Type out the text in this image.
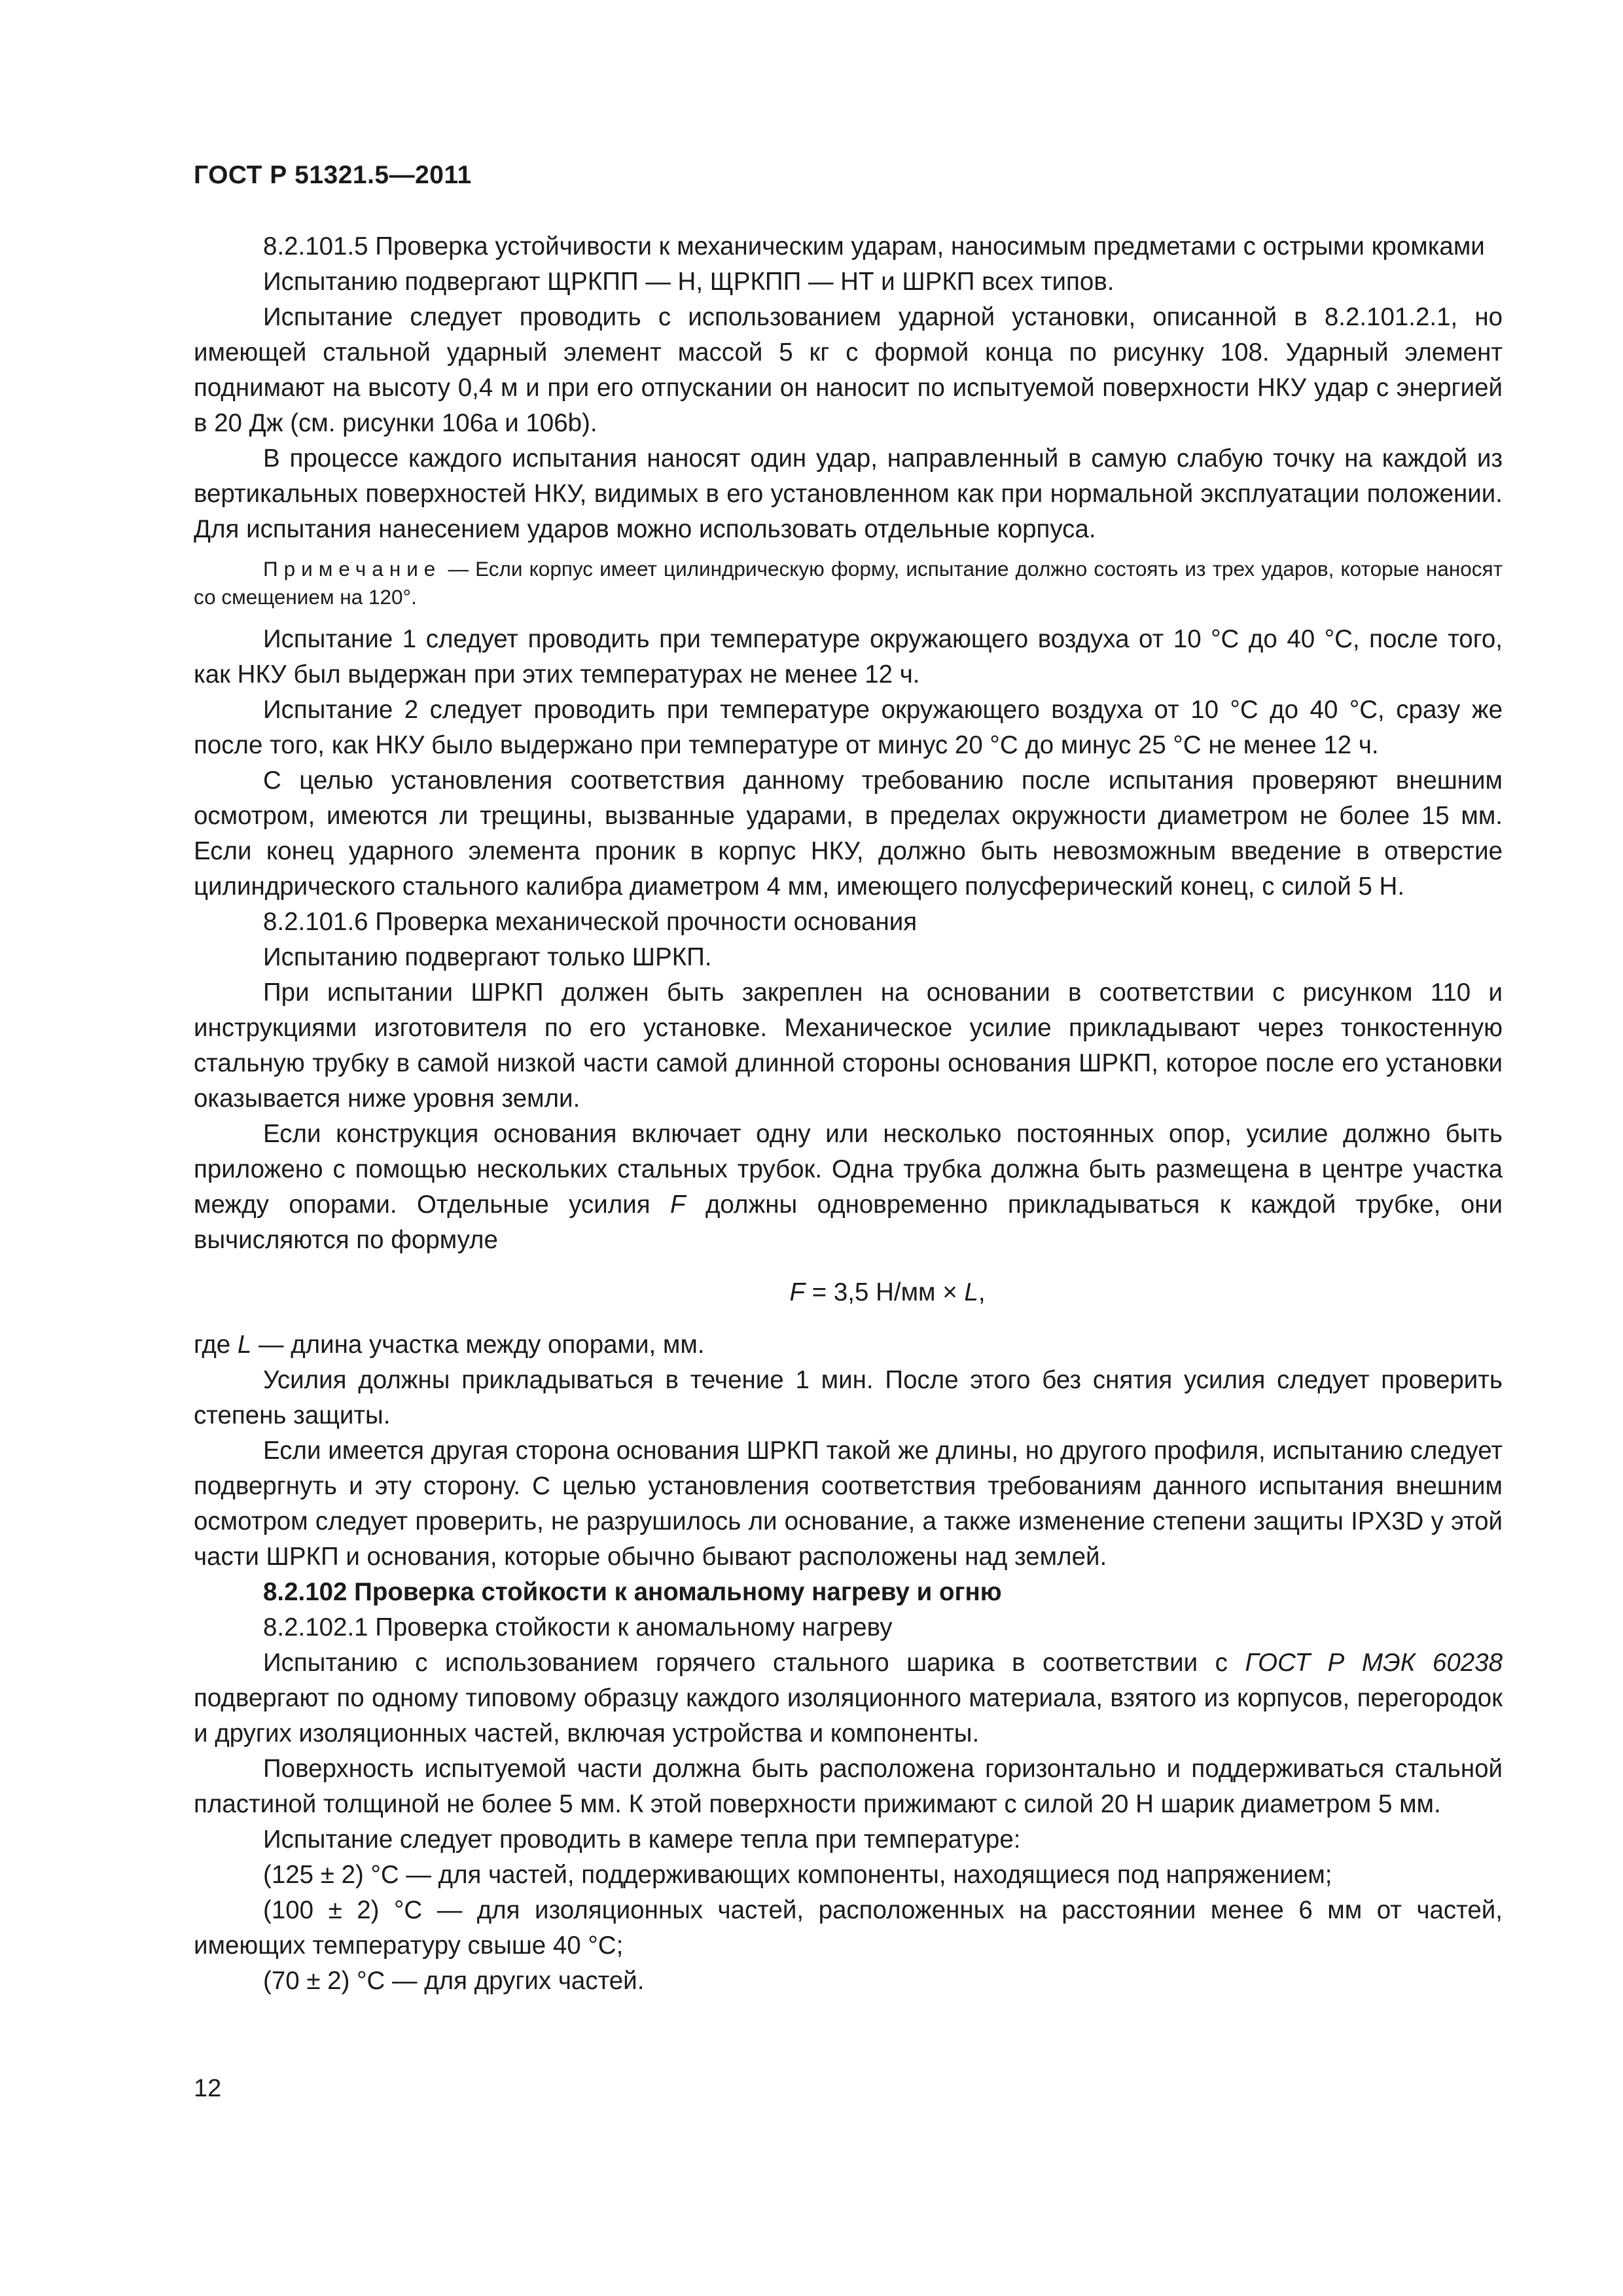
ГОСТ Р 51321.5—2011

8.2.101.5 Проверка устойчивости к механическим ударам, наносимым предметами с острыми кромками

Испытанию подвергают ЩРКПП — Н, ЩРКПП — НТ и ШРКП всех типов.

Испытание следует проводить с использованием ударной установки, описанной в 8.2.101.2.1, но имеющей стальной ударный элемент массой 5 кг с формой конца по рисунку 108. Ударный элемент поднимают на высоту 0,4 м и при его отпускании он наносит по испытуемой поверхности НКУ удар с энергией в 20 Дж (см. рисунки 106а и 106b).

В процессе каждого испытания наносят один удар, направленный в самую слабую точку на каждой из вертикальных поверхностей НКУ, видимых в его установленном как при нормальной эксплуатации положении. Для испытания нанесением ударов можно использовать отдельные корпуса.

Примечание — Если корпус имеет цилиндрическую форму, испытание должно состоять из трех ударов, которые наносят со смещением на 120°.

Испытание 1 следует проводить при температуре окружающего воздуха от 10 °С до 40 °С, после того, как НКУ был выдержан при этих температурах не менее 12 ч.

Испытание 2 следует проводить при температуре окружающего воздуха от 10 °С до 40 °С, сразу же после того, как НКУ было выдержано при температуре от минус 20 °С до минус 25 °С не менее 12 ч.

С целью установления соответствия данному требованию после испытания проверяют внешним осмотром, имеются ли трещины, вызванные ударами, в пределах окружности диаметром не более 15 мм. Если конец ударного элемента проник в корпус НКУ, должно быть невозможным введение в отверстие цилиндрического стального калибра диаметром 4 мм, имеющего полусферический конец, с силой 5 Н.

8.2.101.6 Проверка механической прочности основания

Испытанию подвергают только ШРКП.

При испытании ШРКП должен быть закреплен на основании в соответствии с рисунком 110 и инструкциями изготовителя по его установке. Механическое усилие прикладывают через тонкостенную стальную трубку в самой низкой части самой длинной стороны основания ШРКП, которое после его установки оказывается ниже уровня земли.

Если конструкция основания включает одну или несколько постоянных опор, усилие должно быть приложено с помощью нескольких стальных трубок. Одна трубка должна быть размещена в центре участка между опорами. Отдельные усилия F должны одновременно прикладываться к каждой трубке, они вычисляются по формуле

F = 3,5 Н/мм × L,

где L — длина участка между опорами, мм.

Усилия должны прикладываться в течение 1 мин. После этого без снятия усилия следует проверить степень защиты.

Если имеется другая сторона основания ШРКП такой же длины, но другого профиля, испытанию следует подвергнуть и эту сторону. С целью установления соответствия требованиям данного испытания внешним осмотром следует проверить, не разрушилось ли основание, а также изменение степени защиты IPX3D у этой части ШРКП и основания, которые обычно бывают расположены над землей.

8.2.102 Проверка стойкости к аномальному нагреву и огню

8.2.102.1 Проверка стойкости к аномальному нагреву

Испытанию с использованием горячего стального шарика в соответствии с ГОСТ Р МЭК 60238 подвергают по одному типовому образцу каждого изоляционного материала, взятого из корпусов, перегородок и других изоляционных частей, включая устройства и компоненты.

Поверхность испытуемой части должна быть расположена горизонтально и поддерживаться стальной пластиной толщиной не более 5 мм. К этой поверхности прижимают с силой 20 Н шарик диаметром 5 мм.

Испытание следует проводить в камере тепла при температуре:

(125 ± 2) °С — для частей, поддерживающих компоненты, находящиеся под напряжением;

(100 ± 2) °С — для изоляционных частей, расположенных на расстоянии менее 6 мм от частей, имеющих температуру свыше 40 °С;

(70 ± 2) °С — для других частей.

12
